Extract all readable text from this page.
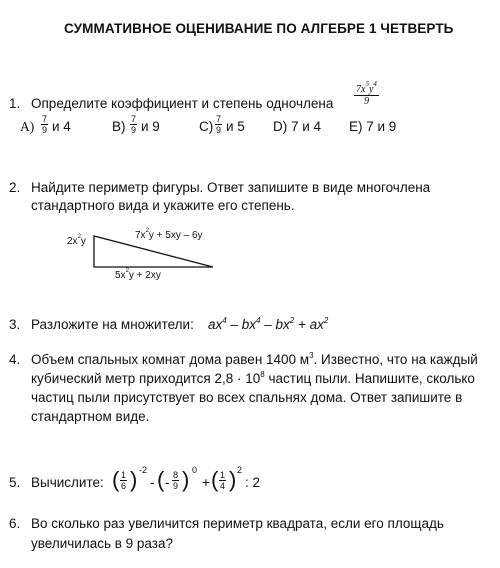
СУММАТИВНОЕ ОЦЕНИВАНИЕ ПО АЛГЕБРЕ 1 ЧЕТВЕРТЬ
1. Определите коэффициент и степень одночлена
$7x^5y^4$
9
$А) \frac{7}{9}$ и 4	$В) \frac{7}{9}$ и 9	$С) \frac{7}{9}$ и 5 D) 7 и 4 Е) 7 и 9
2. Найдите периметр фигуры. Ответ запишите в виде многочлена
стандартного вида и укажите его степень.
$2x^2y$
$7x^2y + 5xy - 6y$
$5x^2y + 2xy$
3. Разложите на множители: $ax^4 - bx^4 - bx^2 + ax^2$
4. Объем спальных комнат дома равен 1400 $м^3$. Известно, что на каждый
кубический метр приходится $2,8 \cdot 10^8$ частиц пыли. Напишите, сколько
частиц пыли присутствует во всех спальнях дома. Ответ запишите в
стандартном виде.
5. Вычислите: ( $\frac{1}{6}$ ) -2
- ( - $\frac{8}{9}$ ) 0
+ ( $\frac{1}{4}$ ) 2
: 2
6. Во сколько раз увеличится периметр квадрата, если его площадь
увеличилась в 9 раза?
